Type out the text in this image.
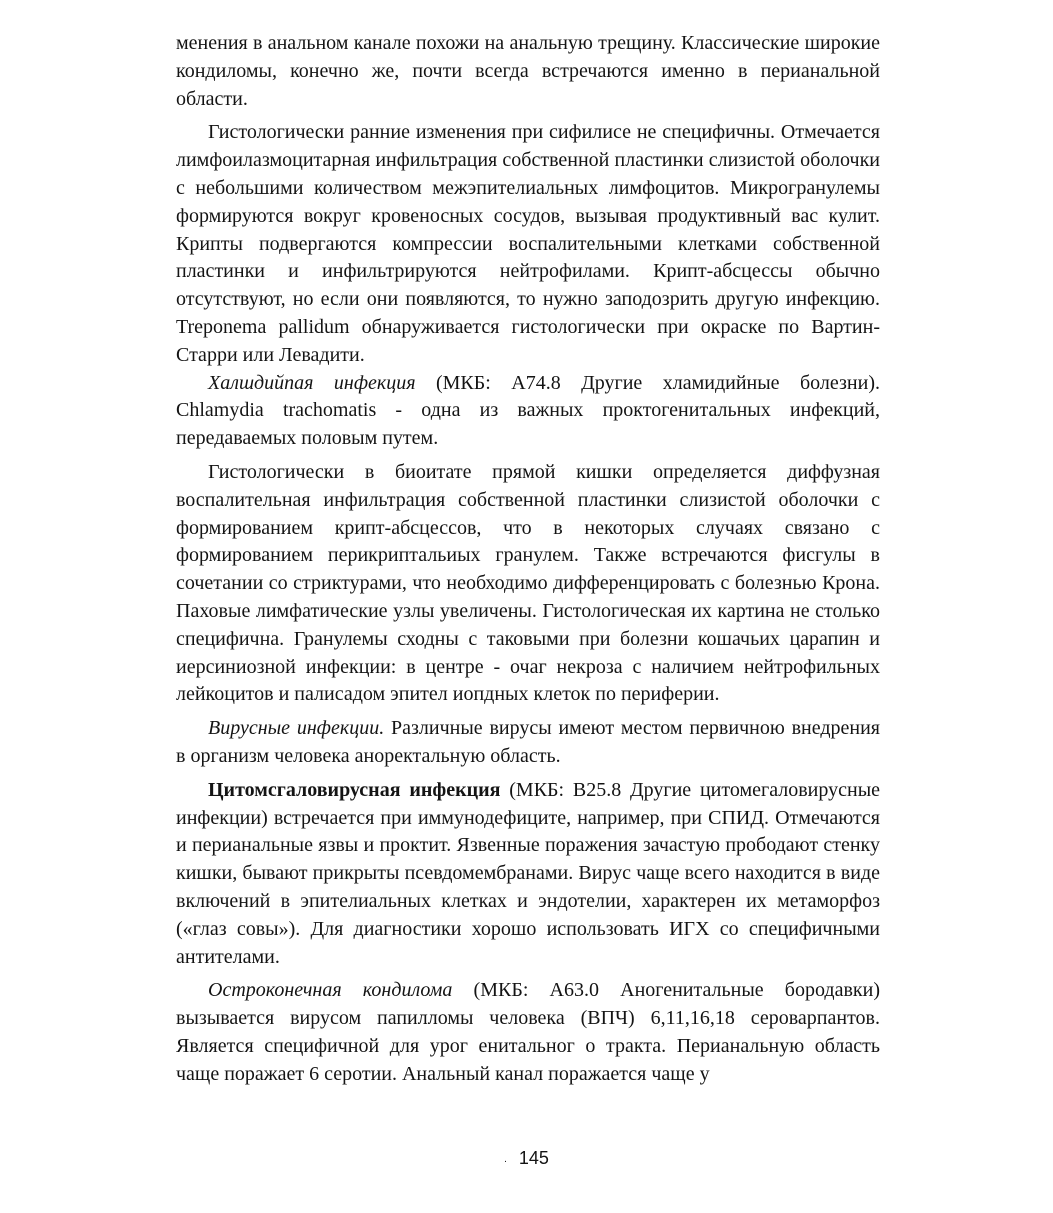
менения в анальном канале похожи на анальную трещину. Классические широкие кондиломы, конечно же, почти всегда встречаются именно в перианальной области.

Гистологически ранние изменения при сифилисе не специфичны. Отмечается лимфоилазмоцитарная инфильтрация собственной пластинки слизистой оболочки с небольшими количеством межэпителиальных лимфоцитов. Микрогранулемы формируются вокруг кровеносных сосудов, вызывая продуктивный вас кулит. Крипты подвергаются компрессии воспалительными клетками собственной пластинки и инфильтрируются нейтрофилами. Крипт-абсцессы обычно отсутствуют, но если они появляются, то нужно заподозрить другую инфекцию. Treponema pallidum обнаруживается гистологически при окраске по Вартин-Старри или Левадити.

Халшдийпая инфекция (МКБ: А74.8 Другие хламидийные болезни). Chlamydia trachomatis - одна из важных проктогенитальных инфекций, передаваемых половым путем.

Гистологически в биоитате прямой кишки определяется диффузная воспалительная инфильтрация собственной пластинки слизистой оболочки с формированием крипт-абсцессов, что в некоторых случаях связано с формированием перикриптальиых гранулем. Также встречаются фисгулы в сочетании со стриктурами, что необходимо дифференцировать с болезнью Крона. Паховые лимфатические узлы увеличены. Гистологическая их картина не столько специфична. Гранулемы сходны с таковыми при болезни кошачьих царапин и иерсиниозной инфекции: в центре - очаг некроза с наличием нейтрофильных лейкоцитов и палисадом эпител иопдных клеток по периферии.

Вирусные инфекции. Различные вирусы имеют местом первичною внедрения в организм человека аноректальную область.

Цитомсгаловирусная инфекция (МКБ: В25.8 Другие цитомегаловирусные инфекции) встречается при иммунодефиците, например, при СПИД. Отмечаются и перианальные язвы и проктит. Язвенные поражения зачастую прободают стенку кишки, бывают прикрыты псевдомембранами. Вирус чаще всего находится в виде включений в эпителиальных клетках и эндотелии, характерен их метаморфоз («глаз совы»). Для диагностики хорошо использовать ИГХ со специфичными антителами.

Остроконечная кондилома (МКБ: А63.0 Аногенитальные бородавки) вызывается вирусом папилломы человека (ВПЧ) 6,11,16,18 сероварпантов. Является специфичной для урог енитальног о тракта. Перианальную область чаще поражает 6 серотии. Анальный канал поражается чаще у

. 145
